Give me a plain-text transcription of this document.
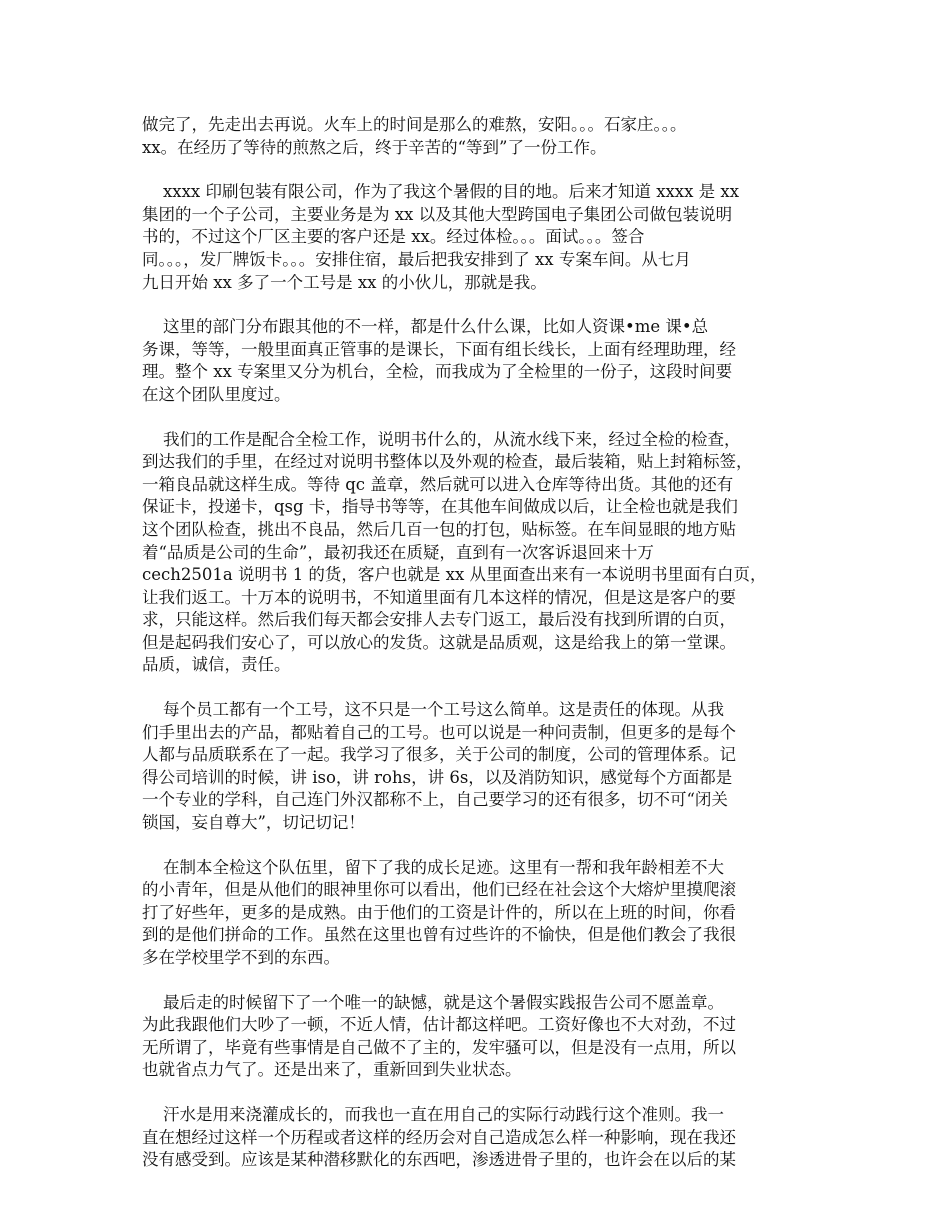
做完了，先走出去再说。火车上的时间是那么的难熬，安阳。。。石家庄。。。
xx。在经历了等待的煎熬之后，终于辛苦的“等到”了一份工作。
xxxx 印刷包装有限公司，作为了我这个暑假的目的地。后来才知道 xxxx 是 xx
集团的一个子公司，主要业务是为 xx 以及其他大型跨国电子集团公司做包装说明
书的，不过这个厂区主要的客户还是 xx。经过体检。。。面试。。。签合
同。。。，发厂牌饭卡。。。安排住宿，最后把我安排到了 xx 专案车间。从七月
九日开始 xx 多了一个工号是 xx 的小伙儿，那就是我。
这里的部门分布跟其他的不一样，都是什么什么课，比如人资课•me 课•总
务课，等等，一般里面真正管事的是课长，下面有组长线长，上面有经理助理，经
理。整个 xx 专案里又分为机台，全检，而我成为了全检里的一份子，这段时间要
在这个团队里度过。
我们的工作是配合全检工作，说明书什么的，从流水线下来，经过全检的检查，
到达我们的手里，在经过对说明书整体以及外观的检查，最后装箱，贴上封箱标签，
一箱良品就这样生成。等待 qc 盖章，然后就可以进入仓库等待出货。其他的还有
保证卡，投递卡，qsg 卡，指导书等等，在其他车间做成以后，让全检也就是我们
这个团队检查，挑出不良品，然后几百一包的打包，贴标签。在车间显眼的地方贴
着“品质是公司的生命”，最初我还在质疑，直到有一次客诉退回来十万
cech2501a 说明书 1 的货，客户也就是 xx 从里面查出来有一本说明书里面有白页，
让我们返工。十万本的说明书，不知道里面有几本这样的情况，但是这是客户的要
求，只能这样。然后我们每天都会安排人去专门返工，最后没有找到所谓的白页，
但是起码我们安心了，可以放心的发货。这就是品质观，这是给我上的第一堂课。
品质，诚信，责任。
每个员工都有一个工号，这不只是一个工号这么简单。这是责任的体现。从我
们手里出去的产品，都贴着自己的工号。也可以说是一种问责制，但更多的是每个
人都与品质联系在了一起。我学习了很多，关于公司的制度，公司的管理体系。记
得公司培训的时候，讲 iso，讲 rohs，讲 6s，以及消防知识，感觉每个方面都是
一个专业的学科，自己连门外汉都称不上，自己要学习的还有很多，切不可“闭关
锁国，妄自尊大”，切记切记！
在制本全检这个队伍里，留下了我的成长足迹。这里有一帮和我年龄相差不大
的小青年，但是从他们的眼神里你可以看出，他们已经在社会这个大熔炉里摸爬滚
打了好些年，更多的是成熟。由于他们的工资是计件的，所以在上班的时间，你看
到的是他们拼命的工作。虽然在这里也曾有过些许的不愉快，但是他们教会了我很
多在学校里学不到的东西。
最后走的时候留下了一个唯一的缺憾，就是这个暑假实践报告公司不愿盖章。
为此我跟他们大吵了一顿，不近人情，估计都这样吧。工资好像也不大对劲，不过
无所谓了，毕竟有些事情是自己做不了主的，发牢骚可以，但是没有一点用，所以
也就省点力气了。还是出来了，重新回到失业状态。
汗水是用来浇灌成长的，而我也一直在用自己的实际行动践行这个准则。我一
直在想经过这样一个历程或者这样的经历会对自己造成怎么样一种影响，现在我还
没有感受到。应该是某种潜移默化的东西吧，渗透进骨子里的，也许会在以后的某
